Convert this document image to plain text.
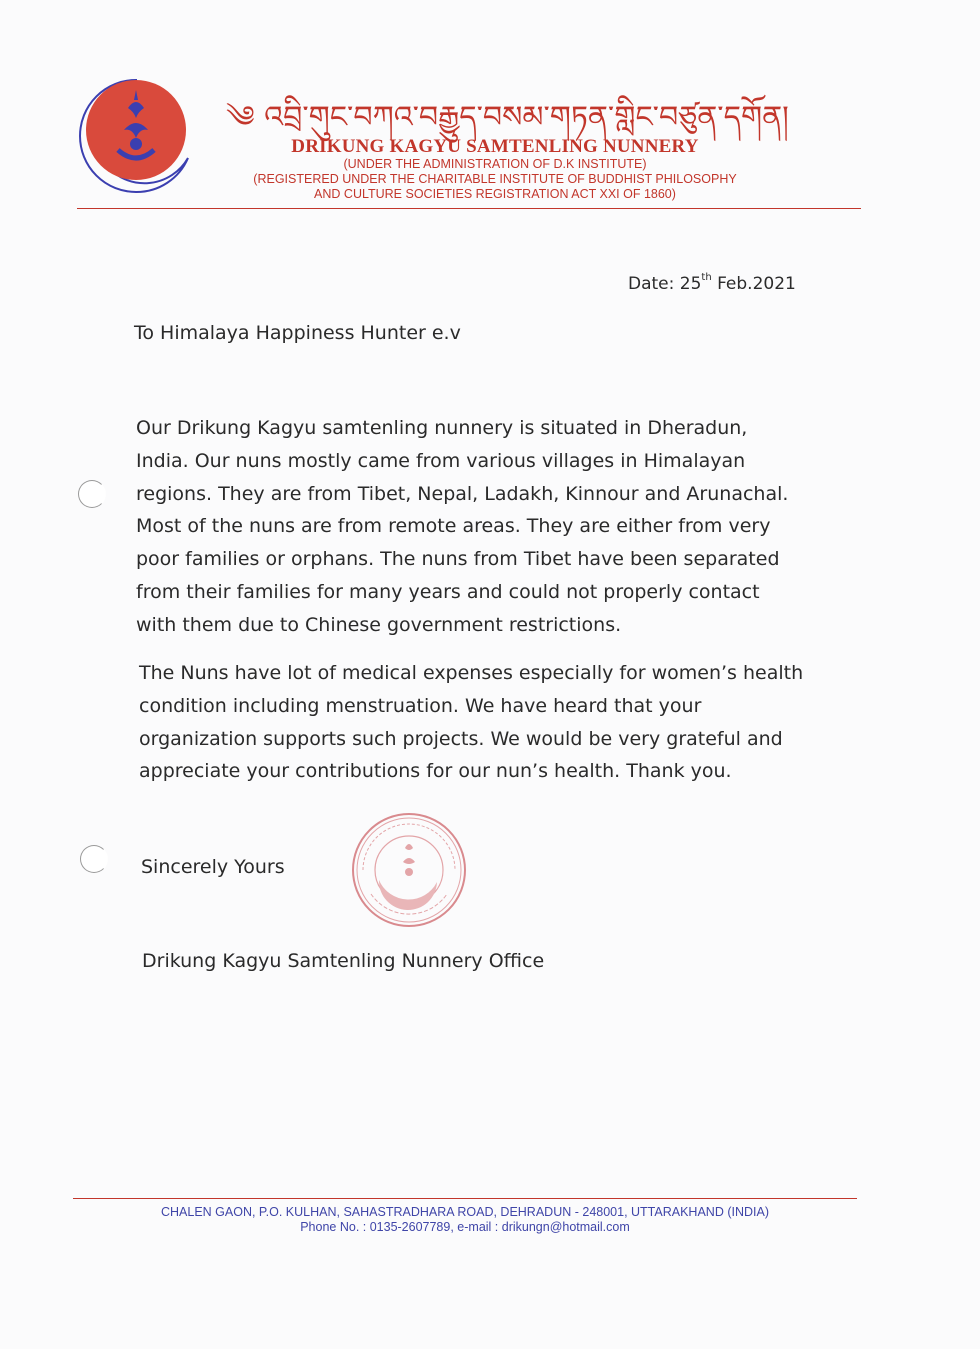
༄ འབྲི་གུང་བཀའ་བརྒྱུད་བསམ་གཏན་གླིང་བཙུན་དགོན།
DRIKUNG KAGYU SAMTENLING NUNNERY
(UNDER THE ADMINISTRATION OF D.K INSTITUTE)
(REGISTERED UNDER THE CHARITABLE INSTITUTE OF BUDDHIST PHILOSOPHY
AND CULTURE SOCIETIES REGISTRATION ACT XXI OF 1860)
Date: 25th Feb.2021
To Himalaya Happiness Hunter e.v
Our Drikung Kagyu samtenling nunnery is situated in Dheradun,
India. Our nuns mostly came from various villages in Himalayan
regions. They are from Tibet, Nepal, Ladakh, Kinnour and Arunachal.
Most of the nuns are from remote areas. They are either from very
poor families or orphans. The nuns from Tibet have been separated
from their families for many years and could not properly contact
with them due to Chinese government restrictions.
The Nuns have lot of medical expenses especially for women’s health
condition including menstruation. We have heard that your
organization supports such projects. We would be very grateful and
appreciate your contributions for our nun’s health. Thank you.
Sincerely Yours
Drikung Kagyu Samtenling Nunnery Office
CHALEN GAON, P.O. KULHAN, SAHASTRADHARA ROAD, DEHRADUN - 248001, UTTARAKHAND (INDIA)
Phone No. : 0135-2607789, e-mail : drikungn@hotmail.com
